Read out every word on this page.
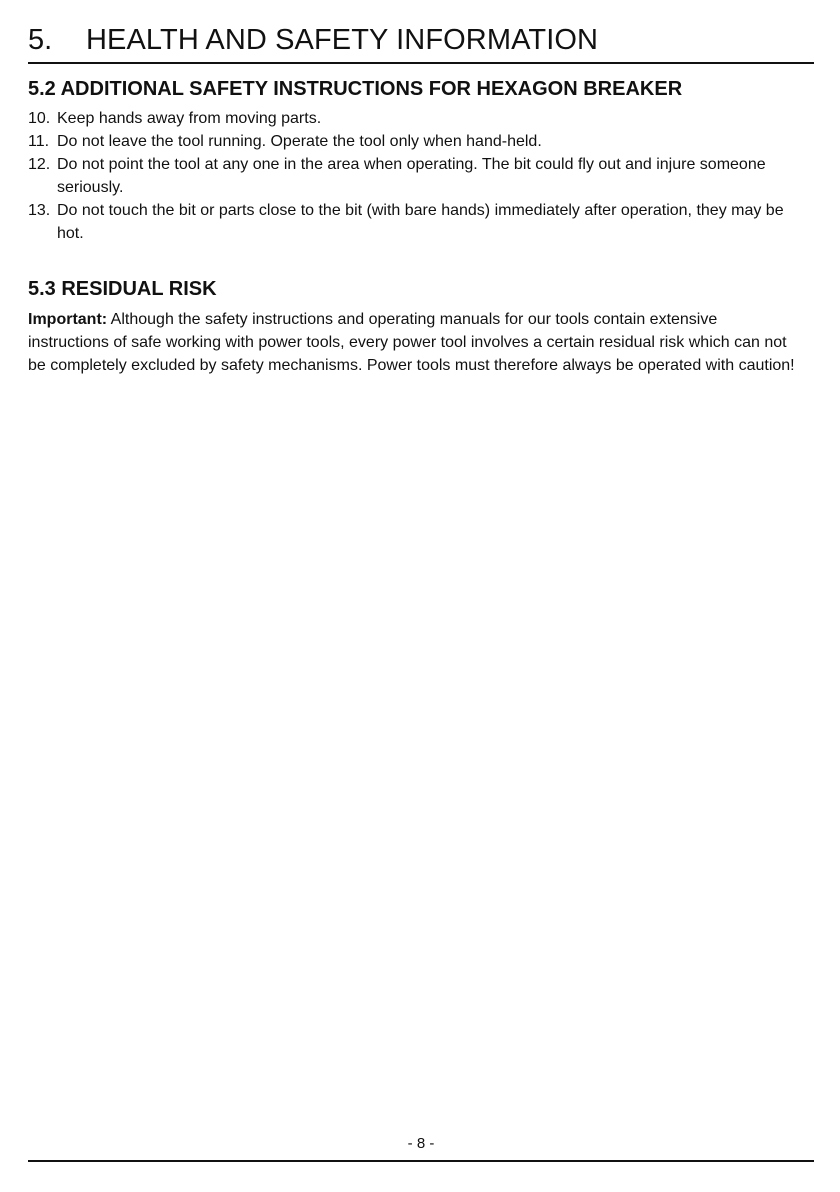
5.	HEALTH AND SAFETY INFORMATION
5.2 ADDITIONAL SAFETY INSTRUCTIONS FOR HEXAGON BREAKER
10. Keep hands away from moving parts.
11. Do not leave the tool running. Operate the tool only when hand-held.
12. Do not point the tool at any one in the area when operating. The bit could fly out and injure someone seriously.
13. Do not touch the bit or parts close to the bit (with bare hands) immediately after operation, they may be hot.
5.3 RESIDUAL RISK

Important: Although the safety instructions and operating manuals for our tools contain extensive instructions of safe working with power tools, every power tool involves a certain residual risk which can not be completely excluded by safety mechanisms. Power tools must therefore always be operated with caution!

- 8 -
